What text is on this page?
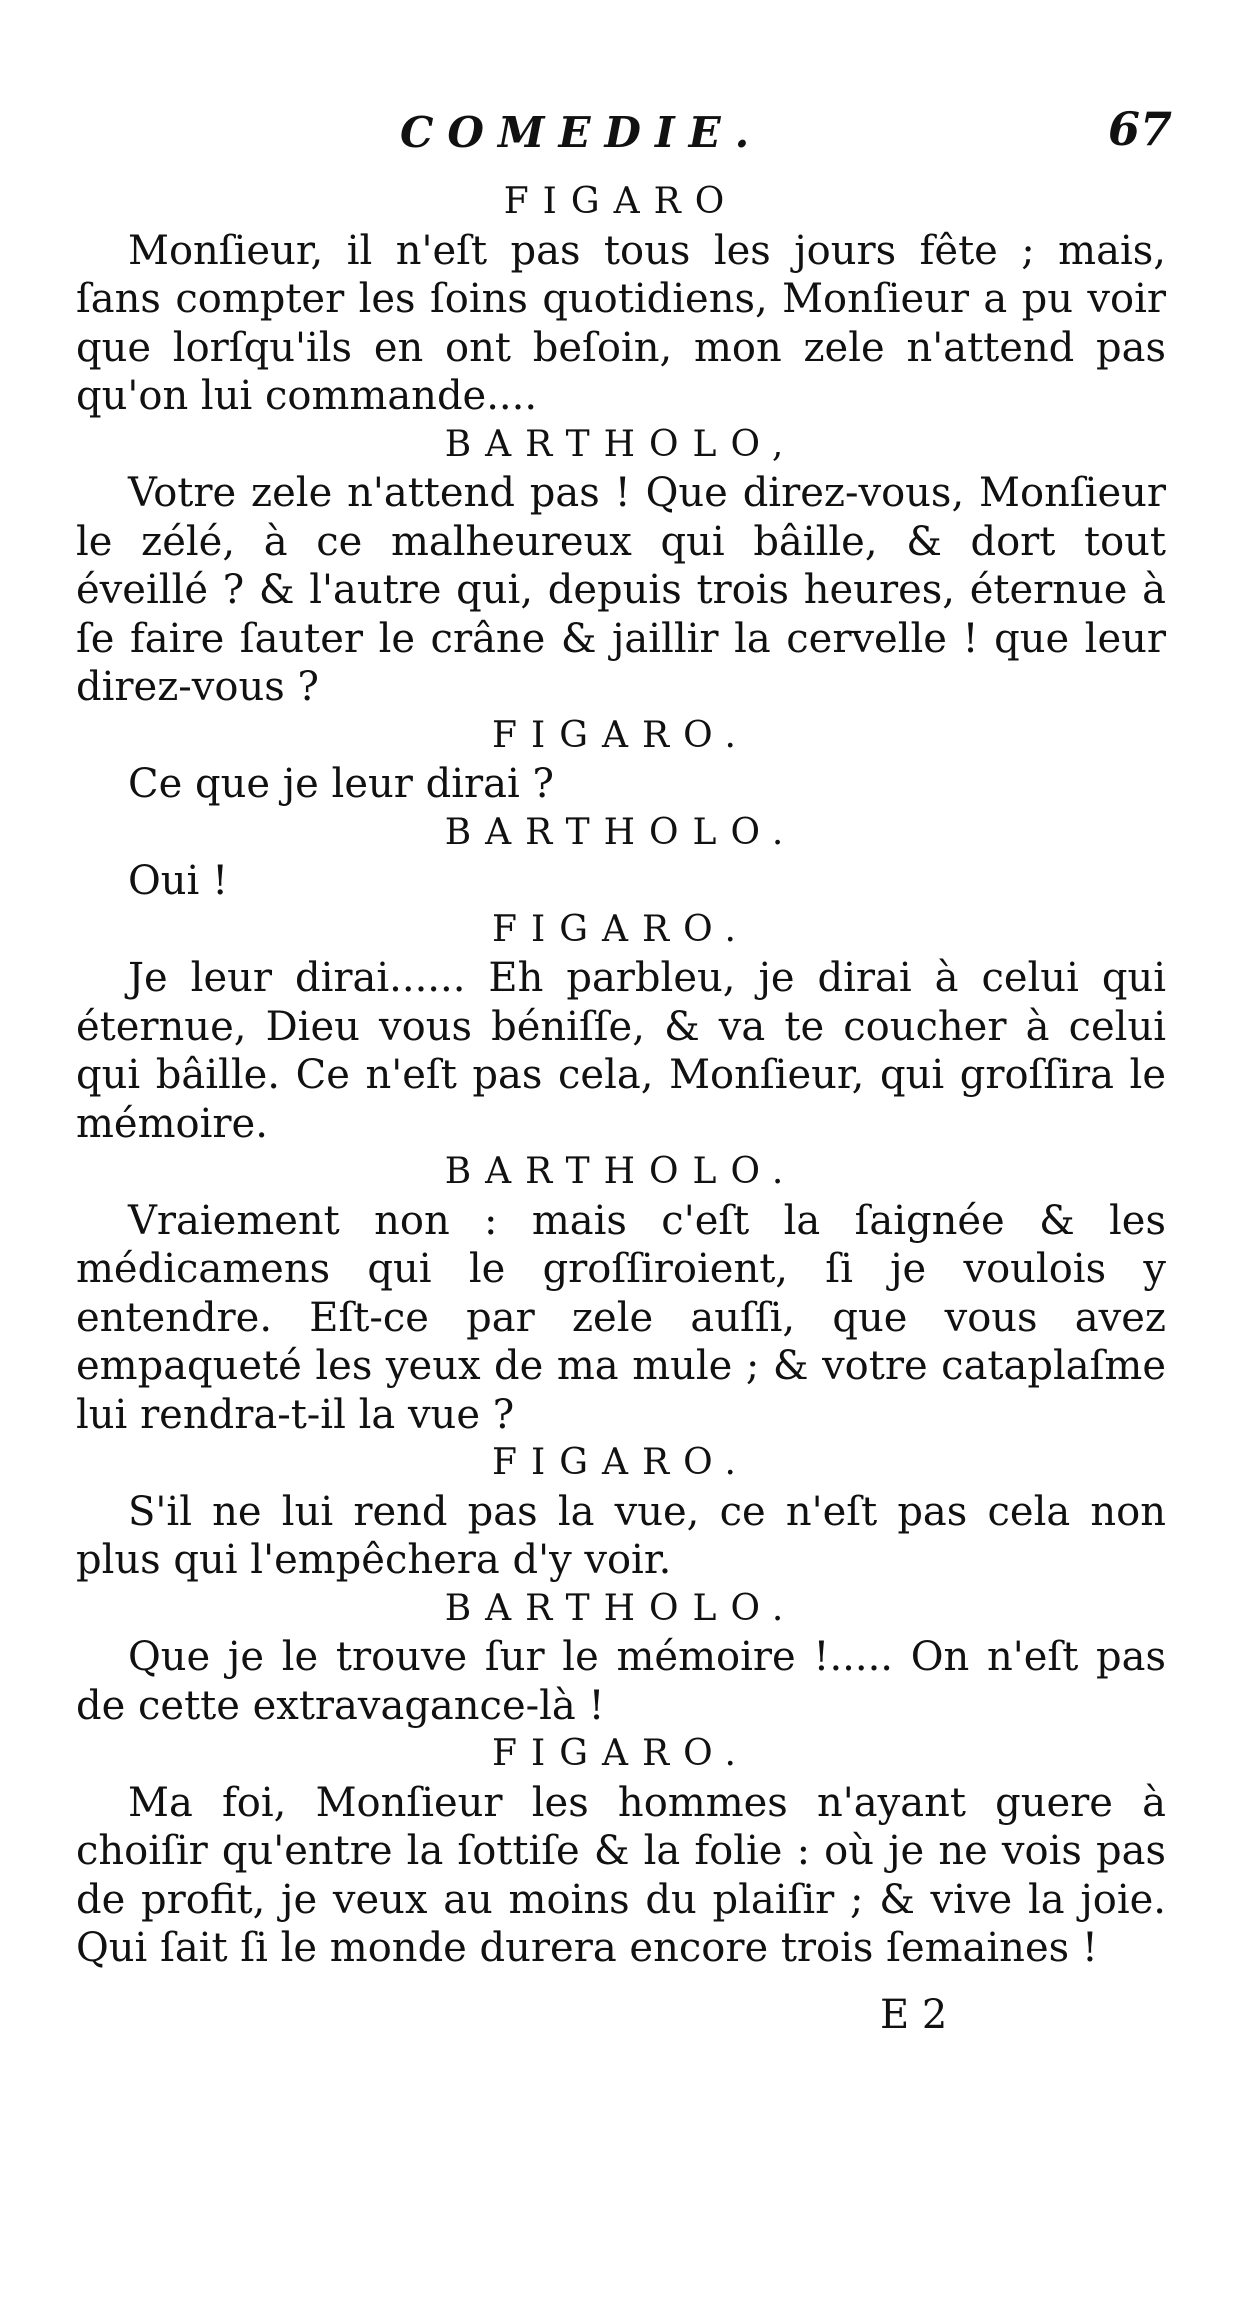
COMEDIE.	67
FIGARO
Monſieur, il n'eſt pas tous les jours fête ; mais, ſans compter les ſoins quotidiens, Monſieur a pu voir que lorſqu'ils en ont beſoin, mon zele n'attend pas qu'on lui commande....
BARTHOLO,
Votre zele n'attend pas ! Que direz-vous, Monſieur le zélé, à ce malheureux qui bâille, & dort tout éveillé ? & l'autre qui, depuis trois heures, éternue à ſe faire ſauter le crâne & jaillir la cervelle ! que leur direz-vous ?
FIGARO.
Ce que je leur dirai ?
BARTHOLO.
Oui !
FIGARO.
Je leur dirai...... Eh parbleu, je dirai à celui qui éternue, Dieu vous béniſſe, & va te coucher à celui qui bâille. Ce n'eſt pas cela, Monſieur, qui groſſira le mémoire.
BARTHOLO.
Vraiement non : mais c'eſt la ſaignée & les médicamens qui le groſſiroient, ſi je voulois y entendre. Eſt-ce par zele auſſi, que vous avez empaqueté les yeux de ma mule ; & votre cataplaſme lui rendra-t-il la vue ?
FIGARO.
S'il ne lui rend pas la vue, ce n'eſt pas cela non plus qui l'empêchera d'y voir.
BARTHOLO.
Que je le trouve ſur le mémoire !..... On n'eſt pas de cette extravagance-là !
FIGARO.
Ma foi, Monſieur les hommes n'ayant guere à choiſir qu'entre la ſottiſe & la folie : où je ne vois pas de profit, je veux au moins du plaiſir ; & vive la joie. Qui ſait ſi le monde durera encore trois ſemaines !
E 2
